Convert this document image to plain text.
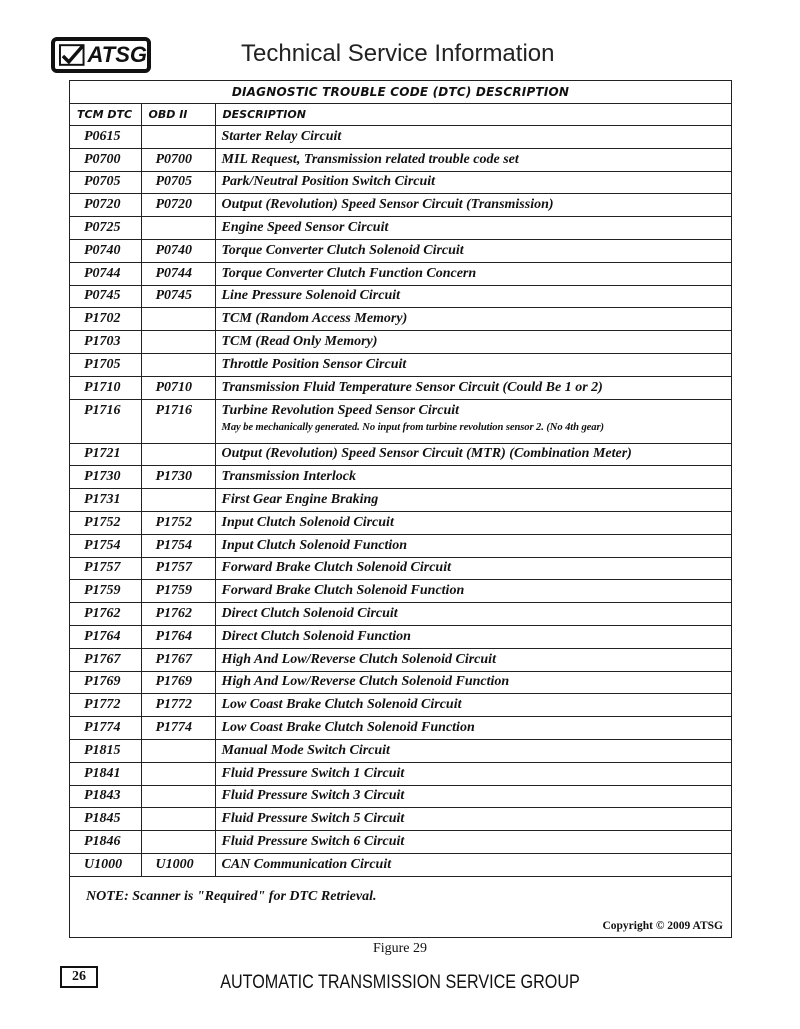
ATSG	Technical Service Information
DIAGNOSTIC TROUBLE CODE (DTC) DESCRIPTION
TCM DTC	OBD II	DESCRIPTION
P0615		Starter Relay Circuit
P0700	P0700	MIL Request, Transmission related trouble code set
P0705	P0705	Park/Neutral Position Switch Circuit
P0720	P0720	Output (Revolution) Speed Sensor Circuit (Transmission)
P0725		Engine Speed Sensor Circuit
P0740	P0740	Torque Converter Clutch Solenoid Circuit
P0744	P0744	Torque Converter Clutch Function Concern
P0745	P0745	Line Pressure Solenoid Circuit
P1702		TCM (Random Access Memory)
P1703		TCM (Read Only Memory)
P1705		Throttle Position Sensor Circuit
P1710	P0710	Transmission Fluid Temperature Sensor Circuit (Could Be 1 or 2)
P1716	P1716	Turbine Revolution Speed Sensor Circuit
May be mechanically generated. No input from turbine revolution sensor 2. (No 4th gear)

P1721		Output (Revolution) Speed Sensor Circuit (MTR) (Combination Meter)
P1730	P1730	Transmission Interlock
P1731		First Gear Engine Braking
P1752	P1752	Input Clutch Solenoid Circuit
P1754	P1754	Input Clutch Solenoid Function
P1757	P1757	Forward Brake Clutch Solenoid Circuit
P1759	P1759	Forward Brake Clutch Solenoid Function
P1762	P1762	Direct Clutch Solenoid Circuit
P1764	P1764	Direct Clutch Solenoid Function
P1767	P1767	High And Low/Reverse Clutch Solenoid Circuit
P1769	P1769	High And Low/Reverse Clutch Solenoid Function
P1772	P1772	Low Coast Brake Clutch Solenoid Circuit
P1774	P1774	Low Coast Brake Clutch Solenoid Function
P1815		Manual Mode Switch Circuit
P1841		Fluid Pressure Switch 1 Circuit
P1843		Fluid Pressure Switch 3 Circuit
P1845		Fluid Pressure Switch 5 Circuit
P1846		Fluid Pressure Switch 6 Circuit
U1000	U1000	CAN Communication Circuit
NOTE: Scanner is "Required" for DTC Retrieval.
Copyright © 2009 ATSG
Figure 29
26	AUTOMATIC TRANSMISSION SERVICE GROUP
